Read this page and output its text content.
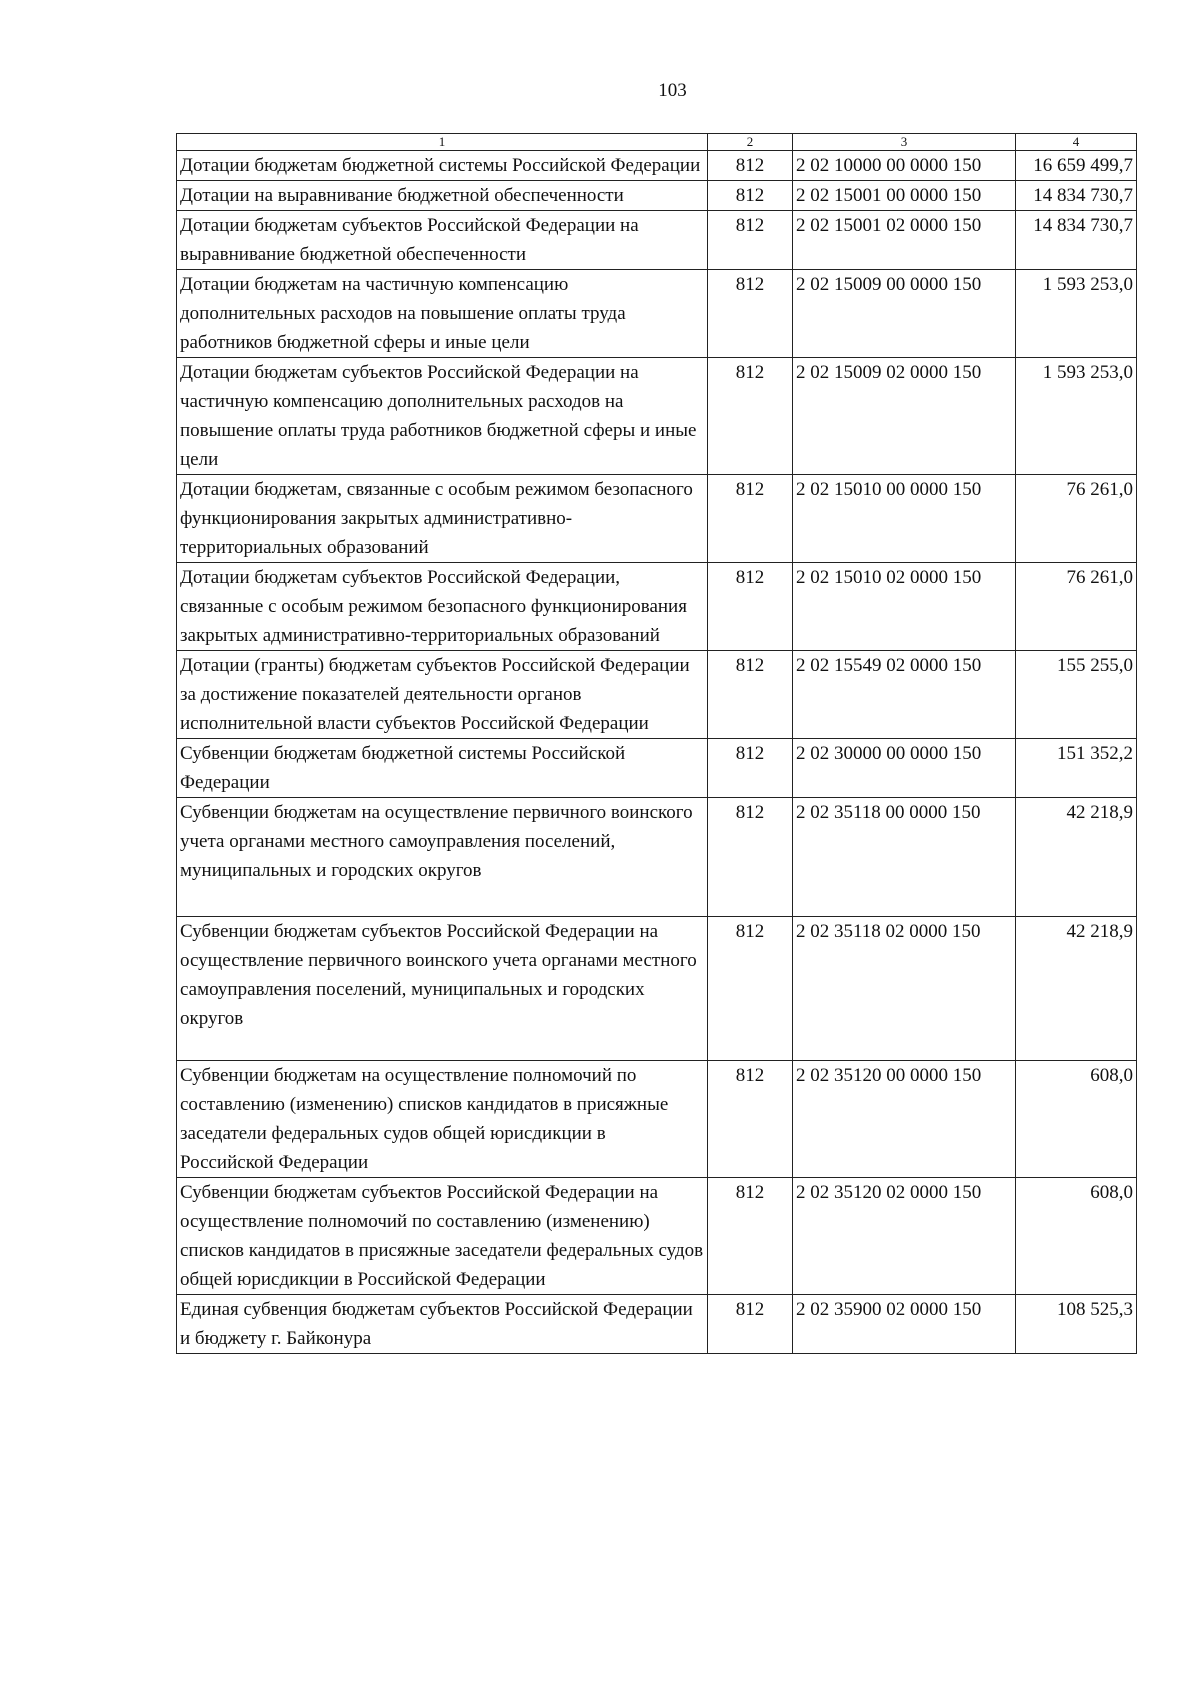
103
1	2	3	4
Дотации бюджетам бюджетной системы Российской Федерации	812	2 02 10000 00 0000 150	16 659 499,7
Дотации на выравнивание бюджетной обеспеченности	812	2 02 15001 00 0000 150	14 834 730,7
Дотации бюджетам субъектов Российской Федерации на выравнивание бюджетной обеспеченности	812	2 02 15001 02 0000 150	14 834 730,7
Дотации бюджетам на частичную компенсацию дополнительных расходов на повышение оплаты труда работников бюджетной сферы и иные цели	812	2 02 15009 00 0000 150	1 593 253,0
Дотации бюджетам субъектов Российской Федерации на частичную компенсацию дополнительных расходов на повышение оплаты труда работников бюджетной сферы и иные цели	812	2 02 15009 02 0000 150	1 593 253,0
Дотации бюджетам, связанные с особым режимом безопасного функционирования закрытых административно-территориальных образований	812	2 02 15010 00 0000 150	76 261,0
Дотации бюджетам субъектов Российской Федерации, связанные с особым режимом безопасного функционирования закрытых административно-территориальных образований	812	2 02 15010 02 0000 150	76 261,0
Дотации (гранты) бюджетам субъектов Российской Федерации за достижение показателей деятельности органов исполнительной власти субъектов Российской Федерации	812	2 02 15549 02 0000 150	155 255,0
Субвенции бюджетам бюджетной системы Российской Федерации	812	2 02 30000 00 0000 150	151 352,2
Субвенции бюджетам на осуществление первичного воинского учета органами местного самоуправления поселений, муниципальных и городских округов	812	2 02 35118 00 0000 150	42 218,9
Субвенции бюджетам субъектов Российской Федерации на осуществление первичного воинского учета органами местного самоуправления поселений, муниципальных и городских округов	812	2 02 35118 02 0000 150	42 218,9
Субвенции бюджетам на осуществление полномочий по составлению (изменению) списков кандидатов в присяжные заседатели федеральных судов общей юрисдикции в Российской Федерации	812	2 02 35120 00 0000 150	608,0
Субвенции бюджетам субъектов Российской Федерации на осуществление полномочий по составлению (изменению) списков кандидатов в присяжные заседатели федеральных судов общей юрисдикции в Российской Федерации	812	2 02 35120 02 0000 150	608,0
Единая субвенция бюджетам субъектов Российской Федерации и бюджету г. Байконура	812	2 02 35900 02 0000 150	108 525,3
